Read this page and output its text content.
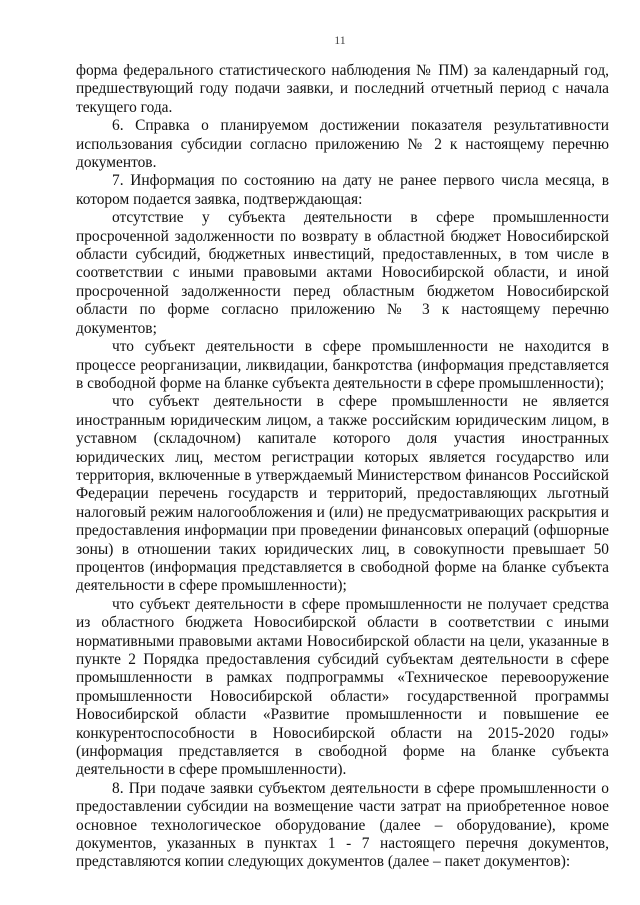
11

форма федерального статистического наблюдения № ПМ) за календарный год, предшествующий году подачи заявки, и последний отчетный период с начала текущего года.

6. Справка о планируемом достижении показателя результативности использования субсидии согласно приложению № 2 к настоящему перечню документов.

7. Информация по состоянию на дату не ранее первого числа месяца, в котором подается заявка, подтверждающая:

отсутствие у субъекта деятельности в сфере промышленности просроченной задолженности по возврату в областной бюджет Новосибирской области субсидий, бюджетных инвестиций, предоставленных, в том числе в соответствии с иными правовыми актами Новосибирской области, и иной просроченной задолженности перед областным бюджетом Новосибирской области по форме согласно приложению № 3 к настоящему перечню документов;

что субъект деятельности в сфере промышленности не находится в процессе реорганизации, ликвидации, банкротства (информация представляется в свободной форме на бланке субъекта деятельности в сфере промышленности);

что субъект деятельности в сфере промышленности не является иностранным юридическим лицом, а также российским юридическим лицом, в уставном (складочном) капитале которого доля участия иностранных юридических лиц, местом регистрации которых является государство или территория, включенные в утверждаемый Министерством финансов Российской Федерации перечень государств и территорий, предоставляющих льготный налоговый режим налогообложения и (или) не предусматривающих раскрытия и предоставления информации при проведении финансовых операций (офшорные зоны) в отношении таких юридических лиц, в совокупности превышает 50 процентов (информация представляется в свободной форме на бланке субъекта деятельности в сфере промышленности);

что субъект деятельности в сфере промышленности не получает средства из областного бюджета Новосибирской области в соответствии с иными нормативными правовыми актами Новосибирской области на цели, указанные в пункте 2 Порядка предоставления субсидий субъектам деятельности в сфере промышленности в рамках подпрограммы «Техническое перевооружение промышленности Новосибирской области» государственной программы Новосибирской области «Развитие промышленности и повышение ее конкурентоспособности в Новосибирской области на 2015-2020 годы» (информация представляется в свободной форме на бланке субъекта деятельности в сфере промышленности).

8. При подаче заявки субъектом деятельности в сфере промышленности о предоставлении субсидии на возмещение части затрат на приобретенное новое основное технологическое оборудование (далее – оборудование), кроме документов, указанных в пунктах 1 - 7 настоящего перечня документов, представляются копии следующих документов (далее – пакет документов):
